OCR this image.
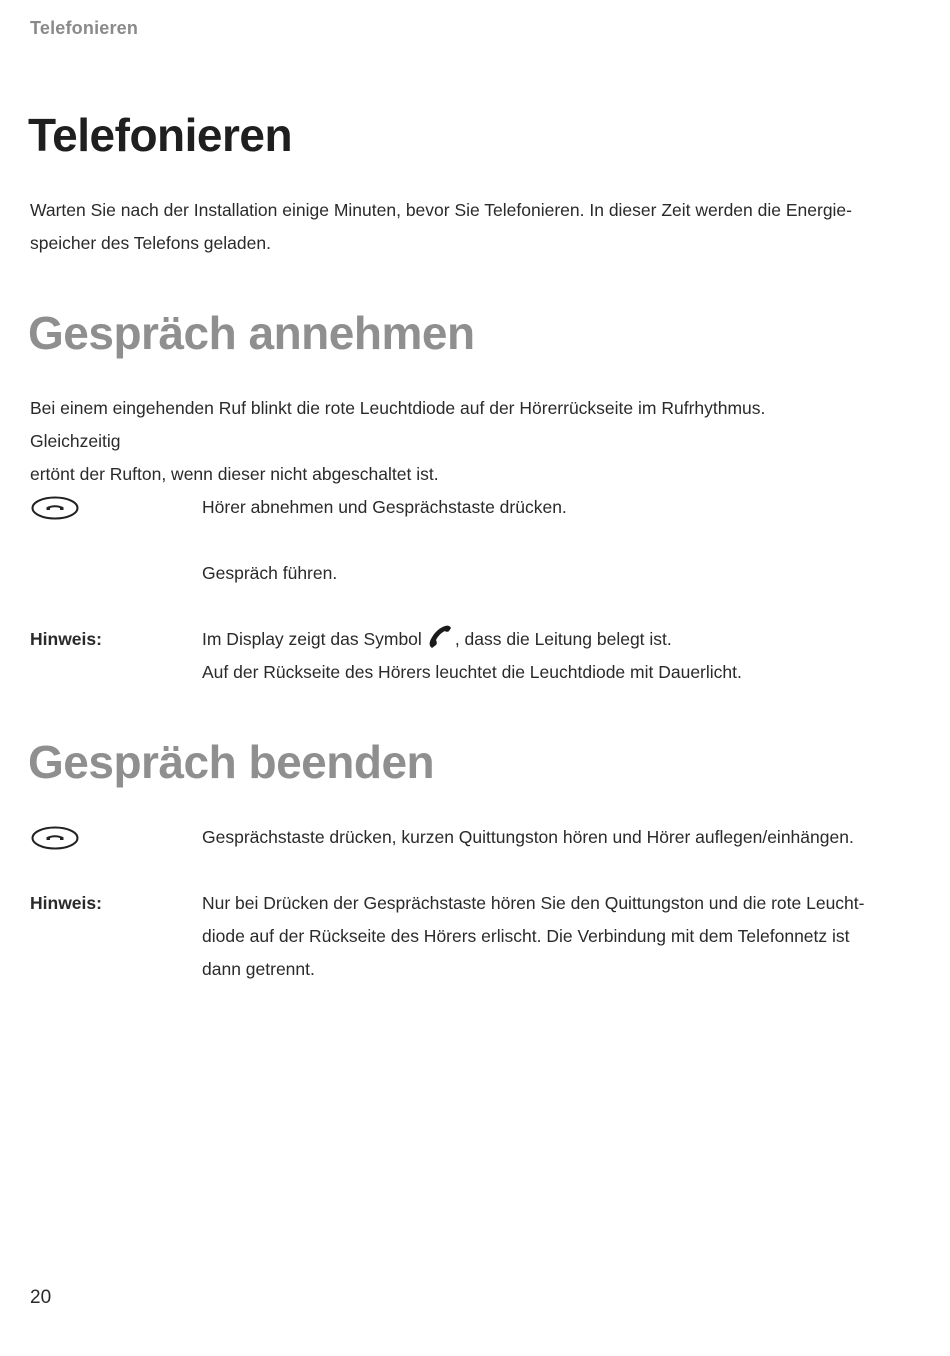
Telefonieren
Telefonieren
Warten Sie nach der Installation einige Minuten, bevor Sie Telefonieren. In dieser Zeit werden die Energie-
speicher des Telefons geladen.
Gespräch annehmen
Bei einem eingehenden Ruf blinkt die rote Leuchtdiode auf der Hörerrückseite im Rufrhythmus. Gleichzeitig
ertönt der Rufton, wenn dieser nicht abgeschaltet ist.
Hörer abnehmen und Gesprächstaste drücken.
Gespräch führen.
Hinweis:	Im Display zeigt das Symbol , dass die Leitung belegt ist.
Auf der Rückseite des Hörers leuchtet die Leuchtdiode mit Dauerlicht.
Gespräch beenden
Gesprächstaste drücken, kurzen Quittungston hören und Hörer auflegen/einhängen.
Hinweis:	Nur bei Drücken der Gesprächstaste hören Sie den Quittungston und die rote Leucht-
diode auf der Rückseite des Hörers erlischt. Die Verbindung mit dem Telefonnetz ist
dann getrennt.
20
